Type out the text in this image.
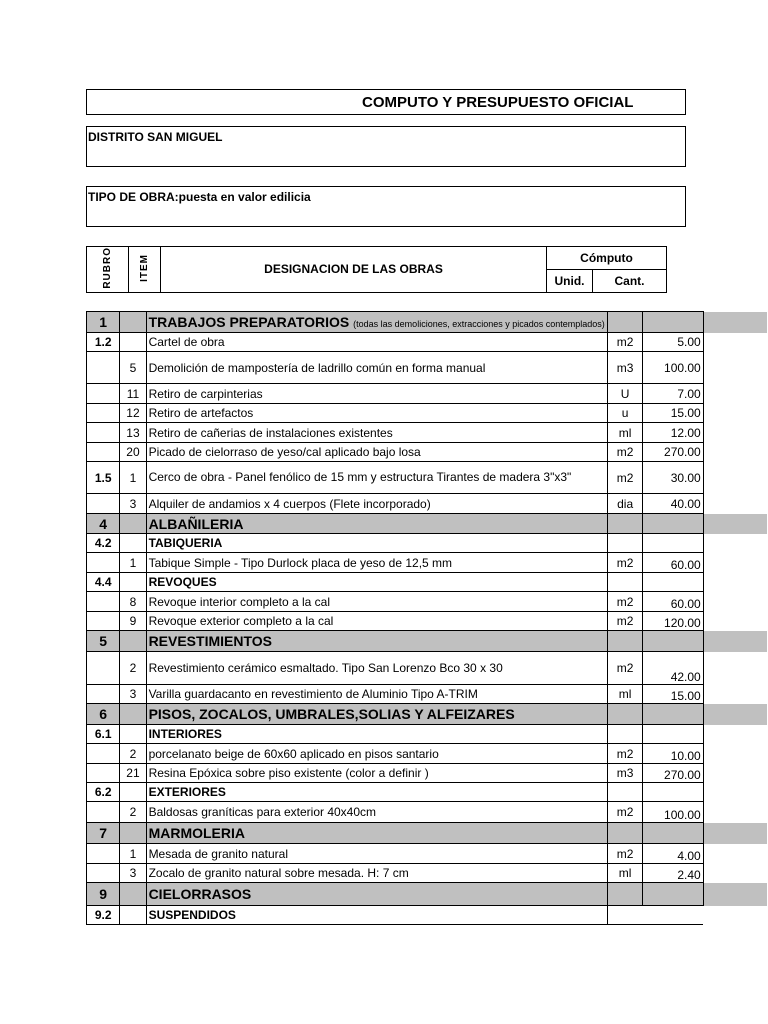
COMPUTO Y PRESUPUESTO OFICIAL
DISTRITO SAN MIGUEL
TIPO DE OBRA:puesta en valor edilicia
RUBRO	ITEM	DESIGNACION DE LAS OBRAS	Cómputo	
			Unid.	Cant.
1		TRABAJOS PREPARATORIOS (todas las demoliciones, extracciones y picados contemplados)			
1.2		Cartel de obra	m2	5.00	
	5	Demolición de mampostería de ladrillo común en forma manual	m3	100.00	
	11	Retiro de carpinterias	U	7.00	
	12	Retiro de artefactos	u	15.00	
	13	Retiro de cañerias de instalaciones existentes	ml	12.00	
	20	Picado de cielorraso de yeso/cal aplicado bajo losa	m2	270.00	
1.5	1	Cerco de obra - Panel fenólico de 15 mm y estructura Tirantes de madera 3"x3"	m2	30.00	
	3	Alquiler de andamios x 4 cuerpos (Flete incorporado)	dia	40.00	
4		ALBAÑILERIA			
4.2		TABIQUERIA			
	1	Tabique Simple - Tipo Durlock placa de yeso de 12,5 mm	m2	60.00	
4.4		REVOQUES			
	8	Revoque interior completo a la cal	m2	60.00	
	9	Revoque exterior completo a la cal	m2	120.00	
5		REVESTIMIENTOS			
	2	Revestimiento cerámico esmaltado. Tipo San Lorenzo Bco 30 x 30	m2	42.00	
	3	Varilla guardacanto en revestimiento de Aluminio Tipo A-TRIM	ml	15.00	
6		PISOS, ZOCALOS, UMBRALES,SOLIAS Y ALFEIZARES			
6.1		INTERIORES			
	2	porcelanato beige de 60x60 aplicado en pisos santario	m2	10.00	
	21	Resina Epóxica sobre piso existente (color a definir )	m3	270.00	
6.2		EXTERIORES			
	2	Baldosas graníticas para exterior 40x40cm	m2	100.00	
7		MARMOLERIA			
	1	Mesada de granito natural	m2	4.00	
	3	Zocalo de granito natural sobre mesada. H: 7 cm	ml	2.40	
9		CIELORRASOS			
9.2		SUSPENDIDOS			
